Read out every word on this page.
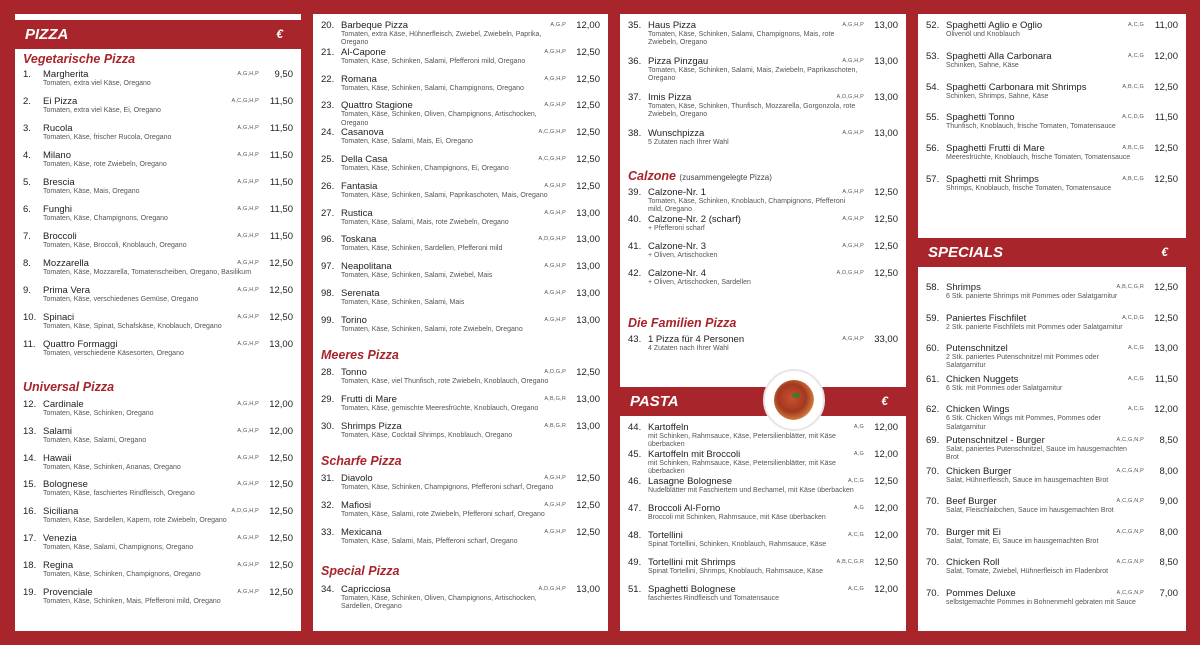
PIZZA	€
Vegetarische Pizza
1. Margherita
Tomaten, extra viel Käse, Oregano
A,G,H,P 9,50
2. Ei Pizza
Tomaten, extra viel Käse, Ei, Oregano
A,C,G,H,P 11,50
3. Rucola
Tomaten, Käse, frischer Rucola, Oregano
A,G,H,P 11,50
4. Milano
Tomaten, Käse, rote Zwiebeln, Oregano
A,G,H,P 11,50
5. Brescia
Tomaten, Käse, Mais, Oregano
A,G,H,P 11,50
6. Funghi
Tomaten, Käse, Champignons, Oregano
A,G,H,P 11,50
7. Broccoli
Tomaten, Käse, Broccoli, Knoblauch, Oregano
A,G,H,P 11,50
8. Mozzarella
Tomaten, Käse, Mozzarella, Tomatenscheiben, Oregano, Basilikum
A,G,H,P 12,50
9. Prima Vera
Tomaten, Käse, verschiedenes Gemüse, Oregano
A,G,H,P 12,50
10. Spinaci
Tomaten, Käse, Spinat, Schafskäse, Knoblauch, Oregano
A,G,H,P 12,50
11. Quattro Formaggi
Tomaten, verschiedene Käsesorten, Oregano
A,G,H,P 13,00
Universal Pizza
12. Cardinale
Tomaten, Käse, Schinken, Oregano
A,G,H,P 12,00
13. Salami
Tomaten, Käse, Salami, Oregano
A,G,H,P 12,00
14. Hawaii
Tomaten, Käse, Schinken, Ananas, Oregano
A,G,H,P 12,50
15. Bolognese
Tomaten, Käse, faschiertes Rindfleisch, Oregano
A,G,H,P 12,50
16. Siciliana
Tomaten, Käse, Sardellen, Kapern, rote Zwiebeln, Oregano
A,D,G,H,P 12,50
17. Venezia
Tomaten, Käse, Salami, Champignons, Oregano
A,G,H,P 12,50
18. Regina
Tomaten, Käse, Schinken, Champignons, Oregano
A,G,H,P 12,50
19. Provenciale
Tomaten, Käse, Schinken, Mais, Pfefferoni mild, Oregano
A,G,H,P 12,50
20. Barbeque Pizza
Tomaten, extra Käse, Hühnerfleisch, Zwiebel, Zwiebeln, Paprika, Oregano
A,G,P 12,00
21. Al-Capone
Tomaten, Käse, Schinken, Salami, Pfefferoni mild, Oregano
A,G,H,P 12,50
22. Romana
Tomaten, Käse, Schinken, Salami, Champignons, Oregano
A,G,H,P 12,50
23. Quattro Stagione
Tomaten, Käse, Schinken, Oliven, Champignons, Artischocken, Oregano
A,G,H,P 12,50
24. Casanova
Tomaten, Käse, Salami, Mais, Ei, Oregano
A,C,G,H,P 12,50
25. Della Casa
Tomaten, Käse, Schinken, Champignons, Ei, Oregano
A,C,G,H,P 12,50
26. Fantasia
Tomaten, Käse, Schinken, Salami, Paprikaschoten, Mais, Oregano
A,G,H,P 12,50
27. Rustica
Tomaten, Käse, Salami, Mais, rote Zwiebeln, Oregano
A,G,H,P 13,00
96. Toskana
Tomaten, Käse, Schinken, Sardellen, Pfefferoni mild
A,D,G,H,P 13,00
97. Neapolitana
Tomaten, Käse, Schinken, Salami, Zwiebel, Mais
A,G,H,P 13,00
98. Serenata
Tomaten, Käse, Schinken, Salami, Mais
A,G,H,P 13,00
99. Torino
Tomaten, Käse, Schinken, Salami, rote Zwiebeln, Oregano
A,G,H,P 13,00
Meeres Pizza
28. Tonno
Tomaten, Käse, viel Thunfisch, rote Zwiebeln, Knoblauch, Oregano
A,D,G,P 12,50
29. Frutti di Mare
Tomaten, Käse, gemischte Meeresfrüchte, Knoblauch, Oregano
A,B,G,R 13,00
30. Shrimps Pizza
Tomaten, Käse, Cocktail Shrimps, Knoblauch, Oregano
A,B,G,R 13,00
Scharfe Pizza
31. Diavolo
Tomaten, Käse, Schinken, Champignons, Pfefferoni scharf, Oregano
A,G,H,P 12,50
32. Mafiosi
Tomaten, Käse, Salami, rote Zwiebeln, Pfefferoni scharf, Oregano
A,G,H,P 12,50
33. Mexicana
Tomaten, Käse, Salami, Mais, Pfefferoni scharf, Oregano
A,G,H,P 12,50
Special Pizza
34. Capricciosa
Tomaten, Käse, Schinken, Oliven, Champignons, Artischocken, Sardellen, Oregano
A,D,G,H,P 13,00
35. Haus Pizza
Tomaten, Käse, Schinken, Salami, Champignons, Mais, rote Zwiebeln, Oregano
A,G,H,P 13,00
36. Pizza Pinzgau
Tomaten, Käse, Schinken, Salami, Mais, Zwiebeln, Paprikaschoten, Oregano
A,G,H,P 13,00
37. Imis Pizza
Tomaten, Käse, Schinken, Thunfisch, Mozzarella, Gorgonzola, rote Zwiebeln, Oregano
A,D,G,H,P 13,00
38. Wunschpizza
5 Zutaten nach Ihrer Wahl
A,G,H,P 13,00
Calzone (zusammengelegte Pizza)
39. Calzone-Nr. 1
Tomaten, Käse, Schinken, Knoblauch, Champignons, Pfefferoni mild, Oregano
A,G,H,P 12,50
40. Calzone-Nr. 2 (scharf)
+ Pfefferoni scharf
A,G,H,P 12,50
41. Calzone-Nr. 3
+ Oliven, Artischocken
A,G,H,P 12,50
42. Calzone-Nr. 4
+ Oliven, Artischocken, Sardellen
A,D,G,H,P 12,50
Die Familien Pizza
43. 1 Pizza für 4 Personen
4 Zutaten nach Ihrer Wahl
A,G,H,P 33,00
PASTA	€
44. Kartoffeln
mit Schinken, Rahmsauce, Käse, Petersilienblätter, mit Käse überbacken
A,G 12,00
45. Kartoffeln mit Broccoli
mit Schinken, Rahmsauce, Käse, Petersilienblätter, mit Käse überbacken
A,G 12,00
46. Lasagne Bolognese
Nudelblätter mit Faschiertem und Bechamel, mit Käse überbacken
A,C,G 12,50
47. Broccoli Al-Forno
Broccoli mit Schinken, Rahmsauce, mit Käse überbacken
A,G 12,00
48. Tortellini
Spinat Tortellini, Schinken, Knoblauch, Rahmsauce, Käse
A,C,G 12,00
49. Tortellini mit Shrimps
Spinat Tortellini, Shrimps, Knoblauch, Rahmsauce, Käse
A,B,C,G,R 12,50
51. Spaghetti Bolognese
faschiertes Rindfleisch und Tomatensauce
A,C,G 12,00
52. Spaghetti Aglio e Oglio
Olivenöl und Knoblauch
A,C,G 11,00
53. Spaghetti Alla Carbonara
Schinken, Sahne, Käse
A,C,G 12,00
54. Spaghetti Carbonara mit Shrimps
Schinken, Shrimps, Sahne, Käse
A,B,C,G 12,50
55. Spaghetti Tonno
Thunfisch, Knoblauch, frische Tomaten, Tomatensauce
A,C,D,G 11,50
56. Spaghetti Frutti di Mare
Meeresfrüchte, Knoblauch, frische Tomaten, Tomatensauce
A,B,C,G 12,50
57. Spaghetti mit Shrimps
Shrimps, Knoblauch, frische Tomaten, Tomatensauce
A,B,C,G 12,50
SPECIALS	€
58. Shrimps
6 Stk. panierte Shrimps mit Pommes oder Salatgarnitur
A,B,C,G,R 12,50
59. Paniertes Fischfilet
2 Stk. panierte Fischfilets mit Pommes oder Salatgarnitur
A,C,D,G 12,50
60. Putenschnitzel
2 Stk. paniertes Putenschnitzel mit Pommes oder Salatgarnitur
A,C,G 13,00
61. Chicken Nuggets
6 Stk. mit Pommes oder Salatgarnitur
A,C,G 11,50
62. Chicken Wings
6 Stk. Chicken Wings mit Pommes, Pommes oder Salatgarnitur
A,C,G 12,00
69. Putenschnitzel - Burger
Salat, paniertes Putenschnitzel, Sauce im hausgemachten Brot
A,C,G,N,P 8,50
70. Chicken Burger
Salat, Hühnerfleisch, Sauce im hausgemachten Brot
A,C,G,N,P 8,00
70. Beef Burger
Salat, Fleischlaibchen, Sauce im hausgemachten Brot
A,C,G,N,P 9,00
70. Burger mit Ei
Salat, Tomate, Ei, Sauce im hausgemachten Brot
A,C,G,N,P 8,00
70. Chicken Roll
Salat, Tomate, Zwiebel, Hühnerfleisch im Fladenbrot
A,C,G,N,P 8,50
70. Pommes Deluxe
selbstgemachte Pommes in Bohnenmehl gebraten mit Sauce
A,C,G,N,P 7,00
